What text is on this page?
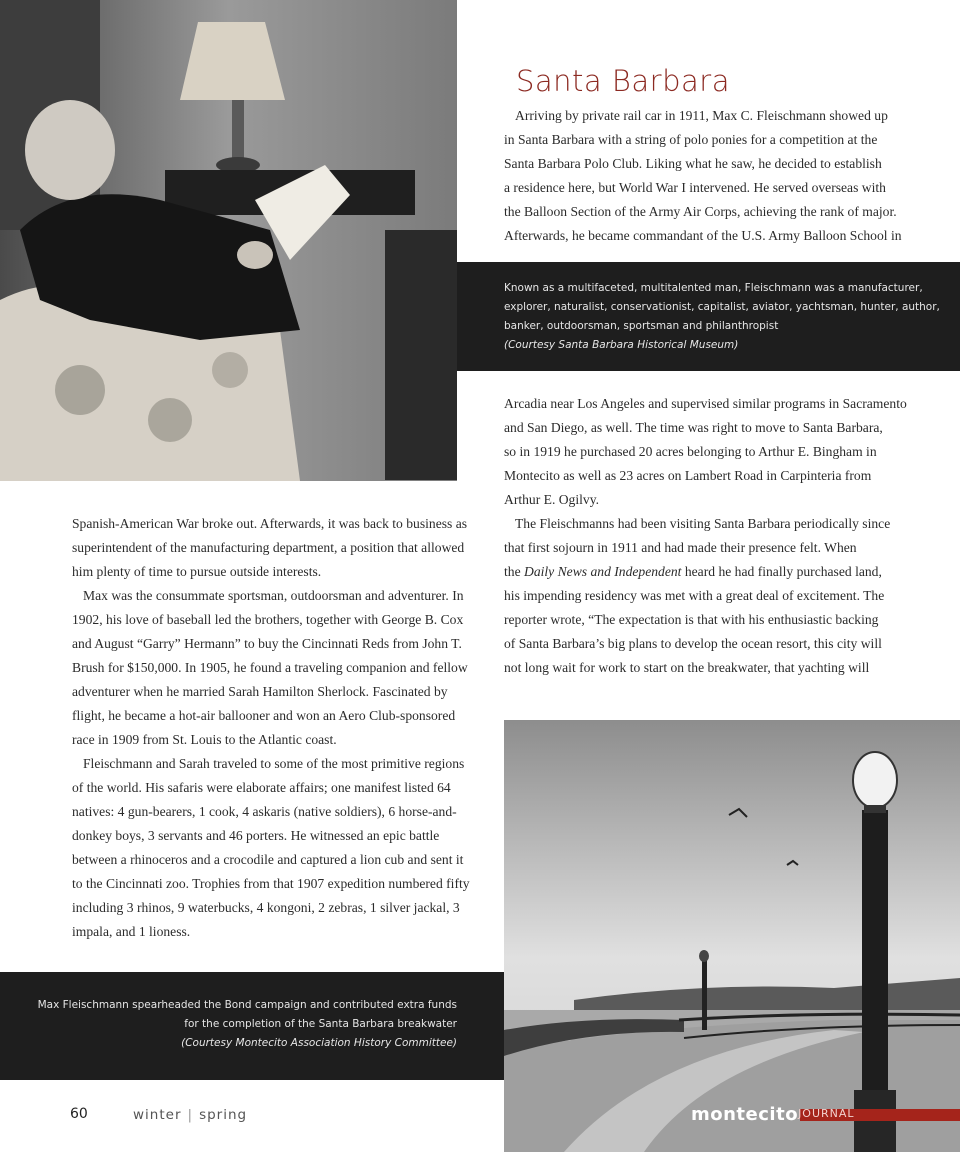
Santa Barbara

Arriving by private rail car in 1911, Max C. Fleischmann showed up

in Santa Barbara with a string of polo ponies for a competition at the

Santa Barbara Polo Club. Liking what he saw, he decided to establish

a residence here, but World War I intervened. He served overseas with

the Balloon Section of the Army Air Corps, achieving the rank of major.

Afterwards, he became commandant of the U.S. Army Balloon School in

Known as a multifaceted, multitalented man, Fleischmann was a manufacturer,
explorer, naturalist, conservationist, capitalist, aviator, yachtsman, hunter, author,
banker, outdoorsman, sportsman and philanthropist
(Courtesy Santa Barbara Historical Museum)

Arcadia near Los Angeles and supervised similar programs in Sacramento

and San Diego, as well. The time was right to move to Santa Barbara,

so in 1919 he purchased 20 acres belonging to Arthur E. Bingham in

Montecito as well as 23 acres on Lambert Road in Carpinteria from

Arthur E. Ogilvy.

The Fleischmanns had been visiting Santa Barbara periodically since

that first sojourn in 1911 and had made their presence felt. When

the Daily News and Independent heard he had finally purchased land,

his impending residency was met with a great deal of excitement. The

reporter wrote, “The expectation is that with his enthusiastic backing

of Santa Barbara’s big plans to develop the ocean resort, this city will

not long wait for work to start on the breakwater, that yachting will

Spanish-American War broke out. Afterwards, it was back to business as

superintendent of the manufacturing department, a position that allowed

him plenty of time to pursue outside interests.

Max was the consummate sportsman, outdoorsman and adventurer. In

1902, his love of baseball led the brothers, together with George B. Cox

and August “Garry” Hermann” to buy the Cincinnati Reds from John T.

Brush for $150,000. In 1905, he found a traveling companion and fellow

adventurer when he married Sarah Hamilton Sherlock. Fascinated by

flight, he became a hot-air ballooner and won an Aero Club-sponsored

race in 1909 from St. Louis to the Atlantic coast.

Fleischmann and Sarah traveled to some of the most primitive regions

of the world. His safaris were elaborate affairs; one manifest listed 64

natives: 4 gun-bearers, 1 cook, 4 askaris (native soldiers), 6 horse-and-

donkey boys, 3 servants and 46 porters. He witnessed an epic battle

between a rhinoceros and a crocodile and captured a lion cub and sent it

to the Cincinnati zoo. Trophies from that 1907 expedition numbered fifty

including 3 rhinos, 9 waterbucks, 4 kongoni, 2 zebras, 1 silver jackal, 3

impala, and 1 lioness.

Max Fleischmann spearheaded the Bond campaign and contributed extra funds
for the completion of the Santa Barbara breakwater
(Courtesy Montecito Association History Committee)
60	winter | spring	montecitoJOURNAL
